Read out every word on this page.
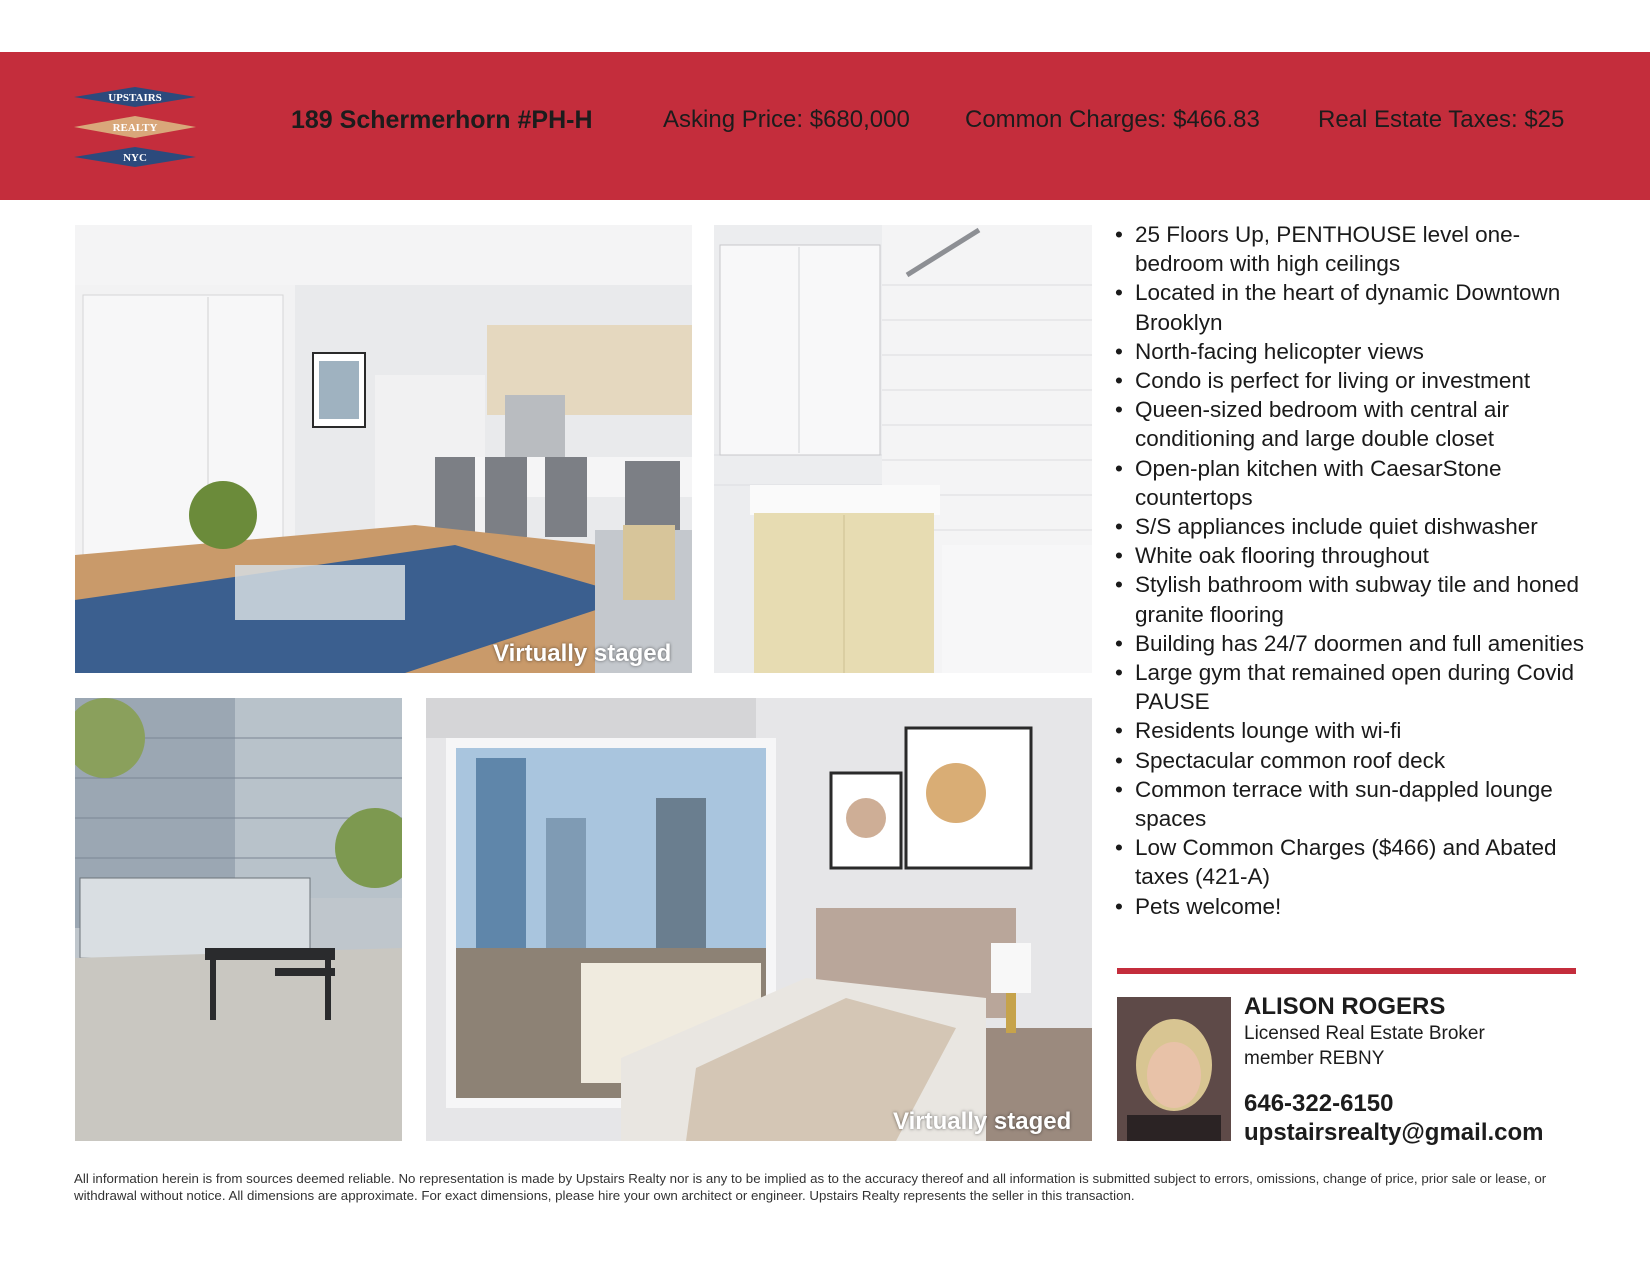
UPSTAIRS
REALTY
NYC
189 Schermerhorn #PH-H	Asking Price: $680,000 Common Charges: $466.83 Real Estate Taxes: $25
Virtually staged
Virtually staged
• 25 Floors Up, PENTHOUSE level one-bedroom with high ceilings
• Located in the heart of dynamic Downtown Brooklyn
• North-facing helicopter views
• Condo is perfect for living or investment
• Queen-sized bedroom with central air conditioning and large double closet
• Open-plan kitchen with CaesarStone countertops
• S/S appliances include quiet dishwasher
• White oak flooring throughout
• Stylish bathroom with subway tile and honed granite flooring
• Building has 24/7 doormen and full amenities
• Large gym that remained open during Covid PAUSE
• Residents lounge with wi-fi
• Spectacular common roof deck
• Common terrace with sun-dappled lounge spaces
• Low Common Charges ($466) and Abated taxes (421-A)
• Pets welcome!
ALISON ROGERS
Licensed Real Estate Broker
member REBNY
646-322-6150
upstairsrealty@gmail.com
All information herein is from sources deemed reliable. No representation is made by Upstairs Realty nor is any to be implied as to the accuracy thereof and all information is submitted subject to errors, omissions, change of price, prior sale or lease, or withdrawal without notice. All dimensions are approximate. For exact dimensions, please hire your own architect or engineer. Upstairs Realty represents the seller in this transaction.
